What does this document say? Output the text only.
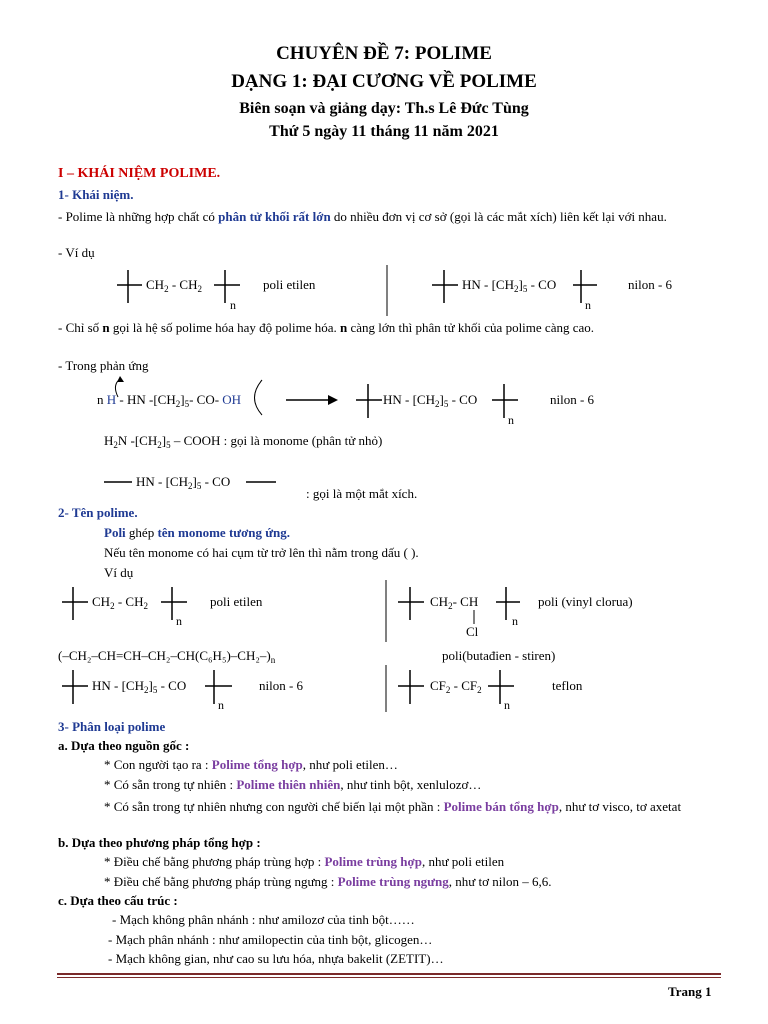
CHUYÊN ĐỀ 7: POLIME
DẠNG 1: ĐẠI CƯƠNG VỀ POLIME
Biên soạn và giảng dạy: Th.s Lê Đức Tùng
Thứ 5 ngày 11 tháng 11 năm 2021
I – KHÁI NIỆM POLIME.
1- Khái niệm.
- Polime là những hợp chất có phân tử khối rất lớn do nhiều đơn vị cơ sở (gọi là các mắt xích) liên kết lại với nhau.
- Ví dụ
$CH_2 - CH_2$
n
poli etilen	HN - $[CH_2]_5$ - CO
n
nilon - 6
- Chỉ số n gọi là hệ số polime hóa hay độ polime hóa. n càng lớn thì phân tử khối của polime càng cao.
- Trong phản ứng
n H - HN $-[CH_2]_5-$ CO- OH	HN - $[CH_2]_5$ - CO
n
nilon - 6
$H_2N$ $-[CH_2]_5$ – COOH : gọi là monome (phân tử nhỏ)
HN - $[CH_2]_5$ - CO
: gọi là một mắt xích.
2- Tên polime.
Poli ghép tên monome tương ứng.
Nếu tên monome có hai cụm từ trở lên thì nằm trong dấu ( ).
Ví dụ
$CH_2 - CH_2$
n
poli etilen	$CH_2-$ CH
Cl
n
poli (vinyl clorua)
$(-CH_2-CH=CH-CH_2-CH(C_6H_5)-CH_2-)_n$	poli(butađien - stiren)
HN - $[CH_2]_5$ - CO
n
nilon - 6	$CF_2 - CF_2$
n
teflon
3- Phân loại polime
a. Dựa theo nguồn gốc :
* Con người tạo ra : Polime tổng hợp, như poli etilen…
* Có sẵn trong tự nhiên : Polime thiên nhiên, như tinh bột, xenlulozơ…
* Có sẵn trong tự nhiên nhưng con người chế biến lại một phần : Polime bán tổng hợp, như tơ visco, tơ axetat
b. Dựa theo phương pháp tổng hợp :
* Điều chế bằng phương pháp trùng hợp : Polime trùng hợp, như poli etilen
* Điều chế bằng phương pháp trùng ngưng : Polime trùng ngưng, như tơ nilon – 6,6.
c. Dựa theo cấu trúc :
- Mạch không phân nhánh : như amilozơ của tinh bột……
- Mạch phân nhánh : như amilopectin của tinh bột, glicogen…
- Mạch không gian, như cao su lưu hóa, nhựa bakelit (ZETIT)…
Trang 1
